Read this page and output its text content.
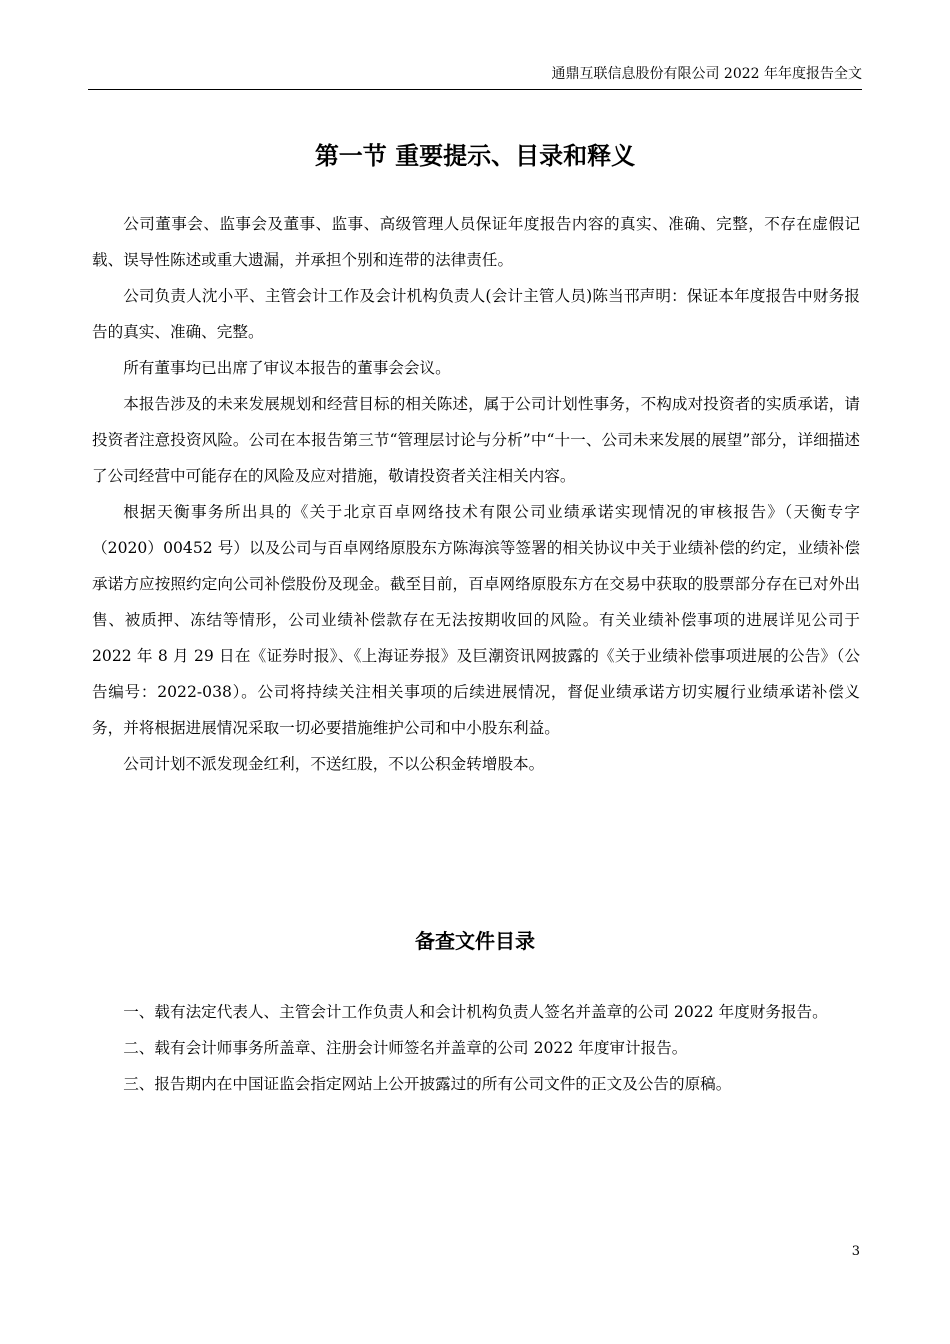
通鼎互联信息股份有限公司 2022 年年度报告全文
第一节 重要提示、目录和释义

公司董事会、监事会及董事、监事、高级管理人员保证年度报告内容的真实、准确、完整，不存在虚假记载、误导性陈述或重大遗漏，并承担个别和连带的法律责任。

公司负责人沈小平、主管会计工作及会计机构负责人(会计主管人员)陈当邗声明：保证本年度报告中财务报告的真实、准确、完整。

所有董事均已出席了审议本报告的董事会会议。

本报告涉及的未来发展规划和经营目标的相关陈述，属于公司计划性事务，不构成对投资者的实质承诺，请投资者注意投资风险。公司在本报告第三节“管理层讨论与分析”中“十一、公司未来发展的展望”部分，详细描述了公司经营中可能存在的风险及应对措施，敬请投资者关注相关内容。

根据天衡事务所出具的《关于北京百卓网络技术有限公司业绩承诺实现情况的审核报告》（天衡专字（2020）00452 号）以及公司与百卓网络原股东方陈海滨等签署的相关协议中关于业绩补偿的约定，业绩补偿承诺方应按照约定向公司补偿股份及现金。截至目前，百卓网络原股东方在交易中获取的股票部分存在已对外出售、被质押、冻结等情形，公司业绩补偿款存在无法按期收回的风险。有关业绩补偿事项的进展详见公司于 2022 年 8 月 29 日在《证券时报》、《上海证券报》及巨潮资讯网披露的《关于业绩补偿事项进展的公告》（公告编号：2022-038）。公司将持续关注相关事项的后续进展情况，督促业绩承诺方切实履行业绩承诺补偿义务，并将根据进展情况采取一切必要措施维护公司和中小股东利益。

公司计划不派发现金红利，不送红股，不以公积金转增股本。

备查文件目录

一、载有法定代表人、主管会计工作负责人和会计机构负责人签名并盖章的公司 2022 年度财务报告。

二、载有会计师事务所盖章、注册会计师签名并盖章的公司 2022 年度审计报告。

三、报告期内在中国证监会指定网站上公开披露过的所有公司文件的正文及公告的原稿。

3
